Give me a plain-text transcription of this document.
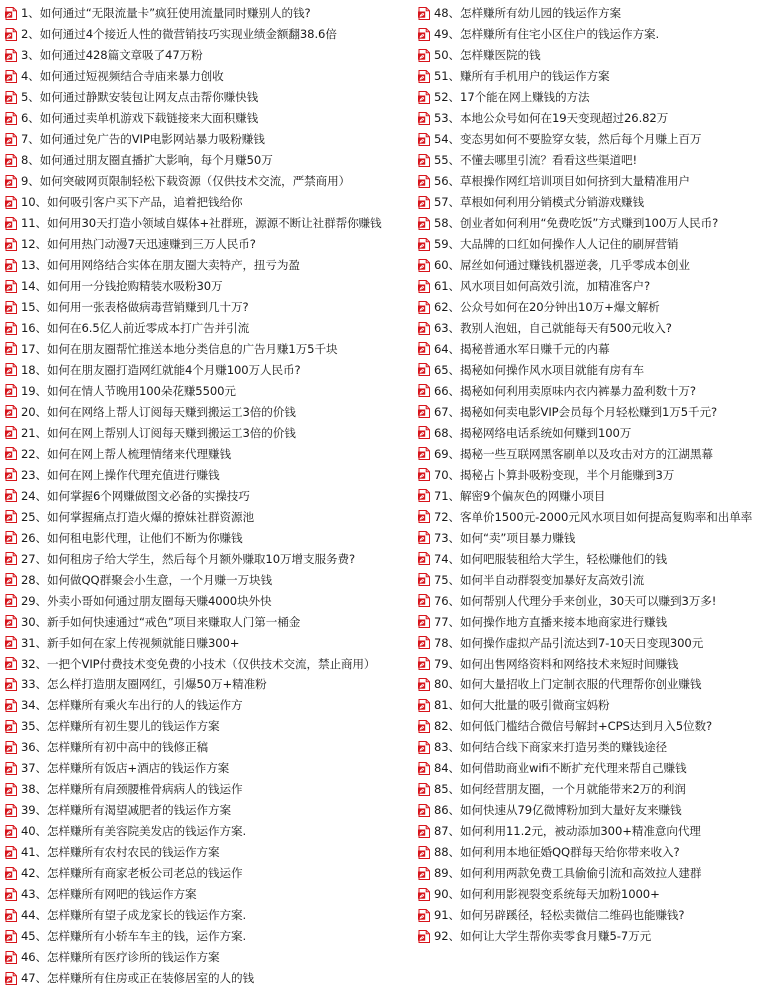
1、如何通过“无限流量卡”疯狂使用流量同时赚别人的钱?
2、如何通过4个接近人性的微营销技巧实现业绩金额翻38.6倍
3、如何通过428篇文章吸了47万粉
4、如何通过短视频结合寺庙来暴力创收
5、如何通过静默安装包让网友点击帮你赚快钱
6、如何通过卖单机游戏下载链接来大面积赚钱
7、如何通过免广告的VIP电影网站暴力吸粉赚钱
8、如何通过朋友圈直播扩大影响，每个月赚50万
9、如何突破网页限制轻松下载资源（仅供技术交流，严禁商用）
10、如何吸引客户买下产品，追着把钱给你
11、如何用30天打造小领域自媒体+社群班，源源不断让社群帮你赚钱
12、如何用热门动漫7天迅速赚到三万人民币?
13、如何用网络结合实体在朋友圈大卖特产，扭亏为盈
14、如何用一分钱抢购精装水吸粉30万
15、如何用一张表格做病毒营销赚到几十万?
16、如何在6.5亿人前近零成本打广告并引流
17、如何在朋友圈帮忙推送本地分类信息的广告月赚1万5千块
18、如何在朋友圈打造网红就能4个月赚100万人民币?
19、如何在情人节晚用100朵花赚5500元
20、如何在网络上帮人订阅每天赚到搬运工3倍的价钱
21、如何在网上帮别人订阅每天赚到搬运工3倍的价钱
22、如何在网上帮人梳理情绪来代理赚钱
23、如何在网上操作代理充值进行赚钱
24、如何掌握6个网赚做图文必备的实操技巧
25、如何掌握痛点打造火爆的撩妹社群资源池
26、如何租电影代理，让他们不断为你赚钱
27、如何租房子给大学生，然后每个月额外赚取10万增支服务费?
28、如何做QQ群聚会小生意，一个月赚一万块钱
29、外卖小哥如何通过朋友圈每天赚4000块外快
30、新手如何快速通过“戒色”项目来赚取人门第一桶金
31、新手如何在家上传视频就能日赚300+
32、一把个VIP付费技术变免费的小技术（仅供技术交流，禁止商用）
33、怎么样打造朋友圈网红，引爆50万+精准粉
34、怎样赚所有乘火车出行的人的钱运作方
35、怎样赚所有初生婴儿的钱运作方案
36、怎样赚所有初中高中的钱修正稿
37、怎样赚所有饭店+酒店的钱运作方案
38、怎样赚所有肩颈腰椎骨病病人的钱运作
39、怎样赚所有渴望减肥者的钱运作方案
40、怎样赚所有美容院美发店的钱运作方案.
41、怎样赚所有农村农民的钱运作方案
42、怎样赚所有商家老板公司老总的钱运作
43、怎样赚所有网吧的钱运作方案
44、怎样赚所有望子成龙家长的钱运作方案.
45、怎样赚所有小轿车车主的钱，运作方案.
46、怎样赚所有医疗诊所的钱运作方案
47、怎样赚所有住房或正在装修居室的人的钱
48、怎样赚所有幼儿园的钱运作方案
49、怎样赚所有住宅小区住户的钱运作方案.
50、怎样赚医院的钱
51、赚所有手机用户的钱运作方案
52、17个能在网上赚钱的方法
53、本地公众号如何在19天变现超过26.82万
54、变态男如何不要脸穿女装，然后每个月赚上百万
55、不懂去哪里引流？看看这些渠道吧!
56、草根操作网红培训项目如何挤到大量精准用户
57、草根如何利用分销模式分销游戏赚钱
58、创业者如何利用“免费吃饭”方式赚到100万人民币?
59、大品牌的口红如何操作人人记住的刷屏营销
60、屌丝如何通过赚钱机器逆袭，几乎零成本创业
61、风水项目如何高效引流，加精准客户?
62、公众号如何在20分钟出10万+爆文解析
63、教别人泡妞，自己就能每天有500元收入?
64、揭秘普通水军日赚千元的内幕
65、揭秘如何操作风水项目就能有房有车
66、揭秘如何利用卖原味内衣内裤暴力盈利数十万?
67、揭秘如何卖电影VIP会员每个月轻松赚到1万5千元?
68、揭秘网络电话系统如何赚到100万
69、揭秘一些互联网黑客刷单以及攻击对方的江湖黑幕
70、揭秘占卜算卦吸粉变现，半个月能赚到3万
71、解密9个偏灰色的网赚小项目
72、客单价1500元-2000元风水项目如何提高复购率和出单率
73、如何“卖”项目暴力赚钱
74、如何吧服装租给大学生，轻松赚他们的钱
75、如何半自动群裂变加暴好友高效引流
76、如何帮别人代理分手来创业，30天可以赚到3万多!
77、如何操作地方直播来接本地商家进行赚钱
78、如何操作虚拟产品引流达到7-10天日变现300元
79、如何出售网络资料和网络技术来短时间赚钱
80、如何大量招收上门定制衣服的代理帮你创业赚钱
81、如何大批量的吸引微商宝妈粉
82、如何低门槛结合微信号解封+CPS达到月入5位数?
83、如何结合线下商家来打造另类的赚钱途径
84、如何借助商业wifi不断扩充代理来帮自己赚钱
85、如何经营朋友圈，一个月就能带来2万的利润
86、如何快速从79亿微博粉加到大量好友来赚钱
87、如何利用11.2元，被动添加300+精准意向代理
88、如何利用本地征婚QQ群每天给你带来收入?
89、如何利用两款免费工具偷偷引流和高效拉人建群
90、如何利用影视裂变系统每天加粉1000+
91、如何另辟蹊径，轻松卖微信二维码也能赚钱?
92、如何让大学生帮你卖零食月赚5-7万元
